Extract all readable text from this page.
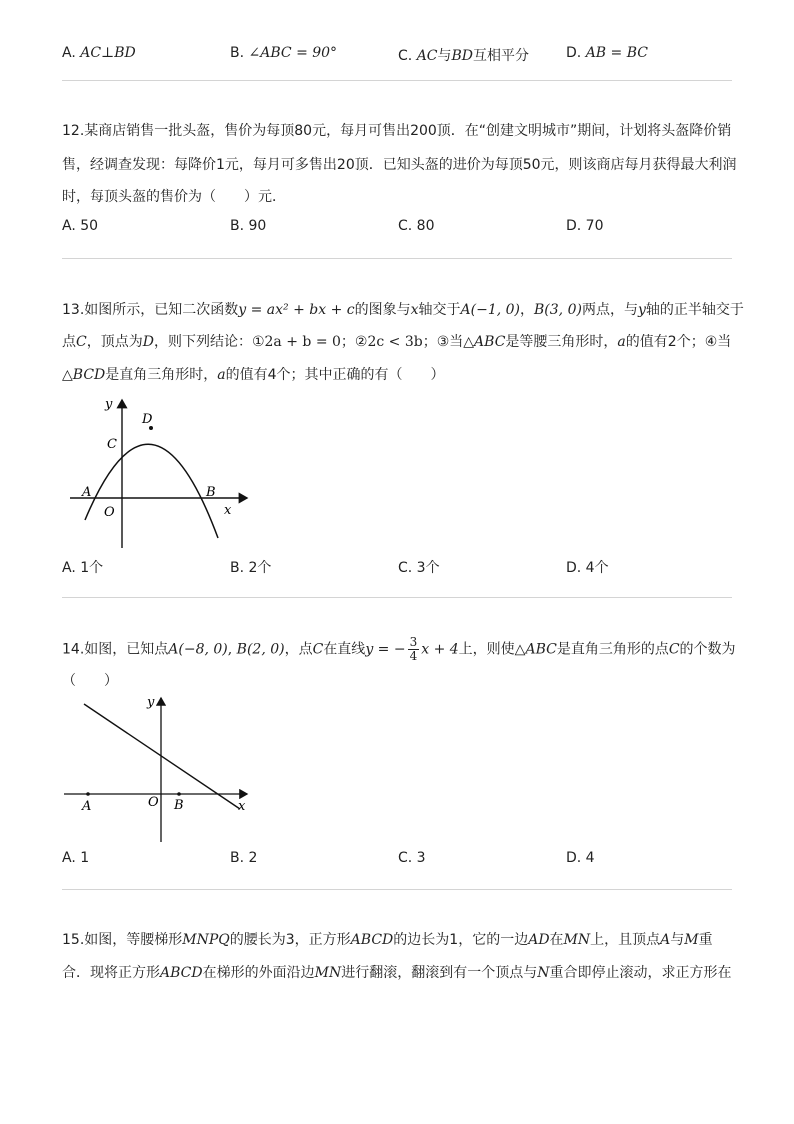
A. AC⊥BD	B. ∠ABC = 90°	C. AC与BD互相平分	D. AB = BC
12.某商店销售一批头盔，售价为每顶80元，每月可售出200顶．在“创建文明城市”期间，计划将头盔降价销
售，经调查发现：每降价1元，每月可多售出20顶．已知头盔的进价为每顶50元，则该商店每月获得最大利润
时，每顶头盔的售价为（　　）元．
A. 50	B. 90	C. 80	D. 70
13.如图所示，已知二次函数y = ax² + bx + c的图象与x轴交于A(−1, 0)，B(3, 0)两点，与y轴的正半轴交于
点C，顶点为D，则下列结论：①2a + b = 0；②2c < 3b；③当△ABC是等腰三角形时，a的值有2个；④当
△BCD是直角三角形时，a的值有4个；其中正确的有（　　）
y
D
C
A	B
O	x
A. 1个	B. 2个	C. 3个	D. 4个
14.如图，已知点A(−8, 0), B(2, 0)，点C在直线y = − $\frac{3}{4}$ x + 4上，则使△ABC是直角三角形的点C的个数为
（　　）
y
A	O B	x
A. 1	B. 2	C. 3	D. 4
15.如图，等腰梯形MNPQ的腰长为3，正方形ABCD的边长为1，它的一边AD在MN上，且顶点A与M重
合．现将正方形ABCD在梯形的外面沿边MN进行翻滚，翻滚到有一个顶点与N重合即停止滚动，求正方形在
